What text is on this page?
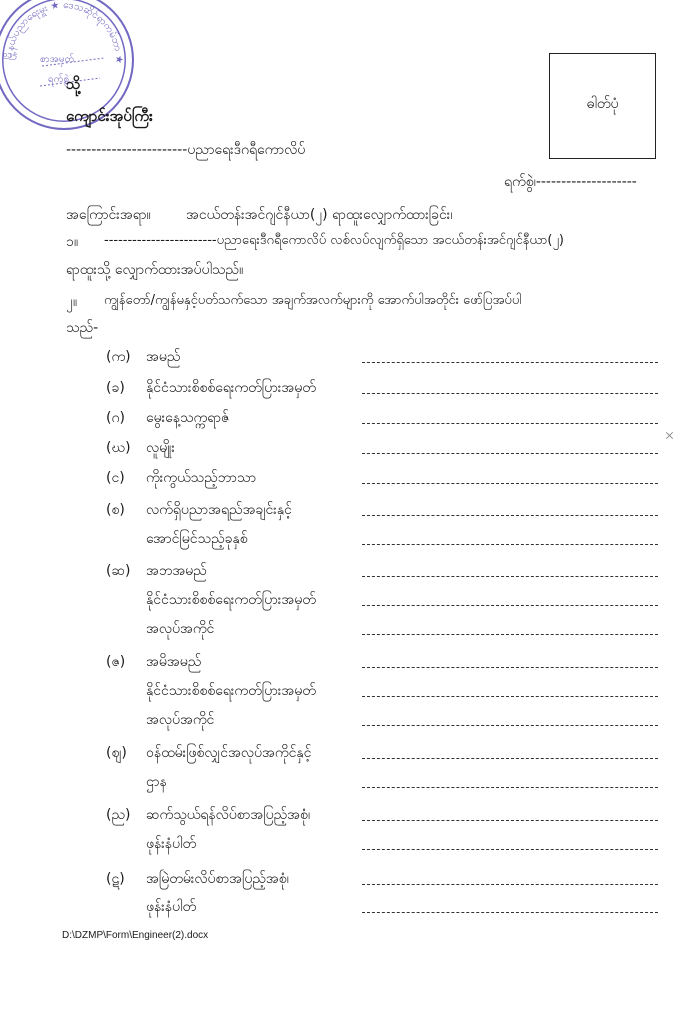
မြို့နယ်ပညာရေးမှူး ★ ဒေသဆိုင်ရာကမ်ဘာ ★
စာအမှတ်
ရက်စွဲ
သို့
ကျောင်းအုပ်ကြီး
------------------------ပညာရေးဒီဂရီကောလိပ်
ဓါတ်ပုံ
ရက်စွဲ၊--------------------
အကြောင်းအရာ။	အငယ်တန်းအင်ဂျင်နီယာ(၂) ရာထူးလျှောက်ထားခြင်း၊
၁။ ------------------------ပညာရေးဒီဂရီကောလိပ် လစ်လပ်လျက်ရှိသော အငယ်တန်းအင်ဂျင်နီယာ(၂)
ရာထူးသို့ လျှောက်ထားအပ်ပါသည်။
၂။ ကျွန်တော်/ကျွန်မနှင့်ပတ်သက်သော အချက်အလက်များကို အောက်ပါအတိုင်း ဖော်ပြအပ်ပါ
သည်-
(က) အမည်
(ခ) နိုင်ငံသားစိစစ်ရေးကတ်ပြားအမှတ်
(ဂ) မွေးနေ့သက္ကရာဇ်
(ဃ) လူမျိုး
(င) ကိုးကွယ်သည့်ဘာသာ
(စ) လက်ရှိပညာအရည်အချင်းနှင့်
အောင်မြင်သည့်ခုနှစ်
(ဆ) အဘအမည်
နိုင်ငံသားစိစစ်ရေးကတ်ပြားအမှတ်
အလုပ်အကိုင်
(ဇ) အမိအမည်
နိုင်ငံသားစိစစ်ရေးကတ်ပြားအမှတ်
အလုပ်အကိုင်
(ဈ) ဝန်ထမ်းဖြစ်လျှင်အလုပ်အကိုင်နှင့်
ဌာန
(ည) ဆက်သွယ်ရန်လိပ်စာအပြည့်အစုံ၊
ဖုန်းနံပါတ်
(ဋ) အမြဲတမ်းလိပ်စာအပြည့်အစုံ၊
ဖုန်းနံပါတ်
D:\DZMP\Form\Engineer(2).docx
